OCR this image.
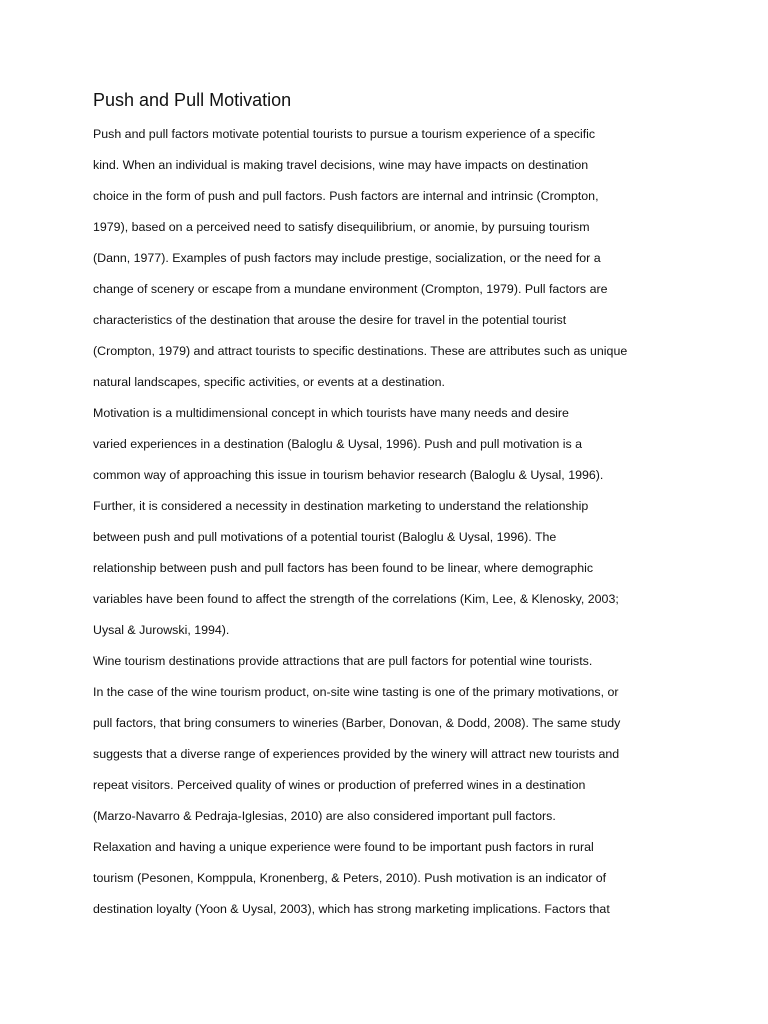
Push and Pull Motivation

Push and pull factors motivate potential tourists to pursue a tourism experience of a specific

kind. When an individual is making travel decisions, wine may have impacts on destination

choice in the form of push and pull factors. Push factors are internal and intrinsic (Crompton,

1979), based on a perceived need to satisfy disequilibrium, or anomie, by pursuing tourism

(Dann, 1977). Examples of push factors may include prestige, socialization, or the need for a

change of scenery or escape from a mundane environment (Crompton, 1979). Pull factors are

characteristics of the destination that arouse the desire for travel in the potential tourist

(Crompton, 1979) and attract tourists to specific destinations. These are attributes such as unique

natural landscapes, specific activities, or events at a destination.

Motivation is a multidimensional concept in which tourists have many needs and desire

varied experiences in a destination (Baloglu & Uysal, 1996). Push and pull motivation is a

common way of approaching this issue in tourism behavior research (Baloglu & Uysal, 1996).

Further, it is considered a necessity in destination marketing to understand the relationship

between push and pull motivations of a potential tourist (Baloglu & Uysal, 1996). The

relationship between push and pull factors has been found to be linear, where demographic

variables have been found to affect the strength of the correlations (Kim, Lee, & Klenosky, 2003;

Uysal & Jurowski, 1994).

Wine tourism destinations provide attractions that are pull factors for potential wine tourists.

In the case of the wine tourism product, on-site wine tasting is one of the primary motivations, or

pull factors, that bring consumers to wineries (Barber, Donovan, & Dodd, 2008). The same study

suggests that a diverse range of experiences provided by the winery will attract new tourists and

repeat visitors. Perceived quality of wines or production of preferred wines in a destination

(Marzo-Navarro & Pedraja-Iglesias, 2010) are also considered important pull factors.

Relaxation and having a unique experience were found to be important push factors in rural

tourism (Pesonen, Komppula, Kronenberg, & Peters, 2010). Push motivation is an indicator of

destination loyalty (Yoon & Uysal, 2003), which has strong marketing implications. Factors that
